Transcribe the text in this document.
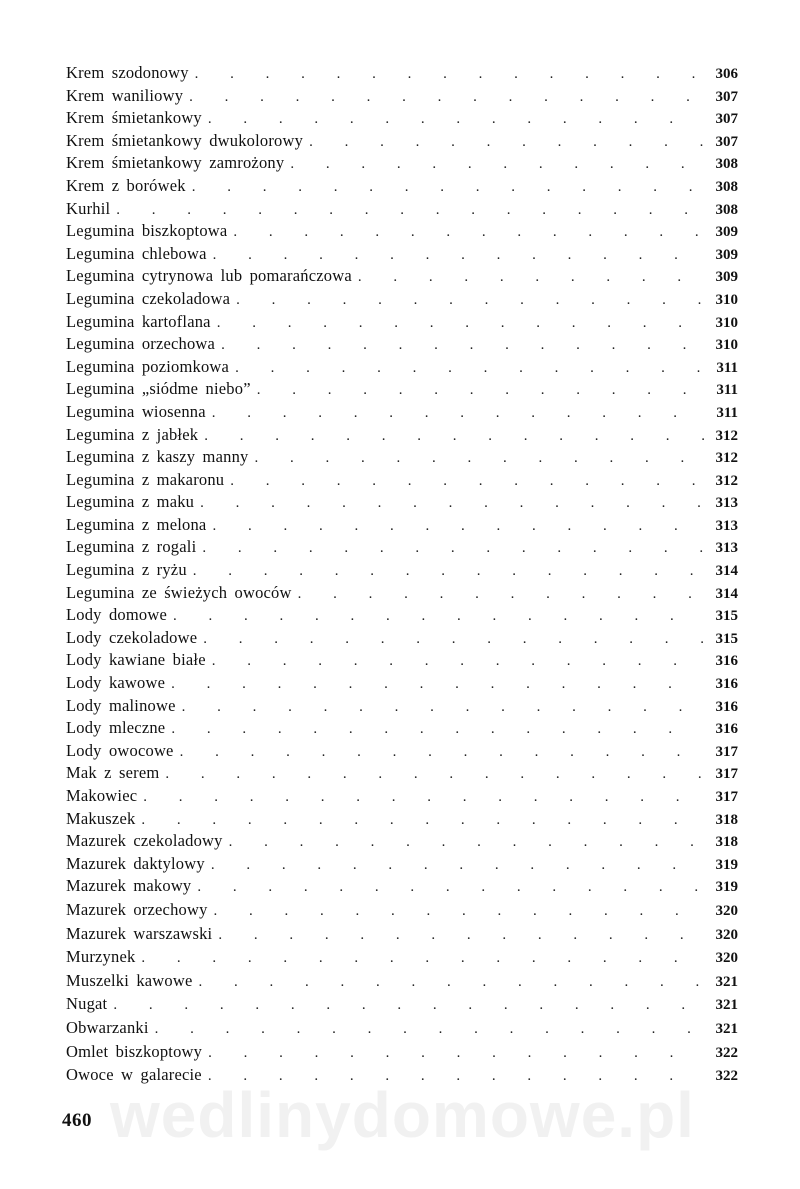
Krem szodonowy . . .	306
Krem waniliowy . . .	307
Krem śmietankowy . . .	307
Krem śmietankowy dwukolorowy . . .	307
Krem śmietankowy zamrożony . . .	308
Krem z borówek . . .	308
Kurhil . . .	308
Legumina biszkoptowa . . .	309
Legumina chlebowa . . .	309
Legumina cytrynowa lub pomarańczowa . . .	309
Legumina czekoladowa . . .	310
Legumina kartoflana . . .	310
Legumina orzechowa . . .	310
Legumina poziomkowa . . .	311
Legumina „siódme niebo” . . .	311
Legumina wiosenna . . .	311
Legumina z jabłek . . .	312
Legumina z kaszy manny . . .	312
Legumina z makaronu . . .	312
Legumina z maku . . .	313
Legumina z melona . . .	313
Legumina z rogali . . .	313
Legumina z ryżu . . .	314
Legumina ze świeżych owoców . . .	314
Lody domowe . . .	315
Lody czekoladowe . . .	315
Lody kawiane białe . . .	316
Lody kawowe . . .	316
Lody malinowe . . .	316
Lody mleczne . . .	316
Lody owocowe . . .	317
Mak z serem . . .	317
Makowiec . . .	317
Makuszek . . .	318
Mazurek czekoladowy . . .	318
Mazurek daktylowy . . .	319
Mazurek makowy . . .	319
Mazurek orzechowy . . .	320
Mazurek warszawski . . .	320
Murzynek . . .	320
Muszelki kawowe . . .	321
Nugat . . .	321
Obwarzanki . . .	321
Omlet biszkoptowy . . .	322
Owoce w galarecie . . .	322
460 wedlinydomowe.pl
